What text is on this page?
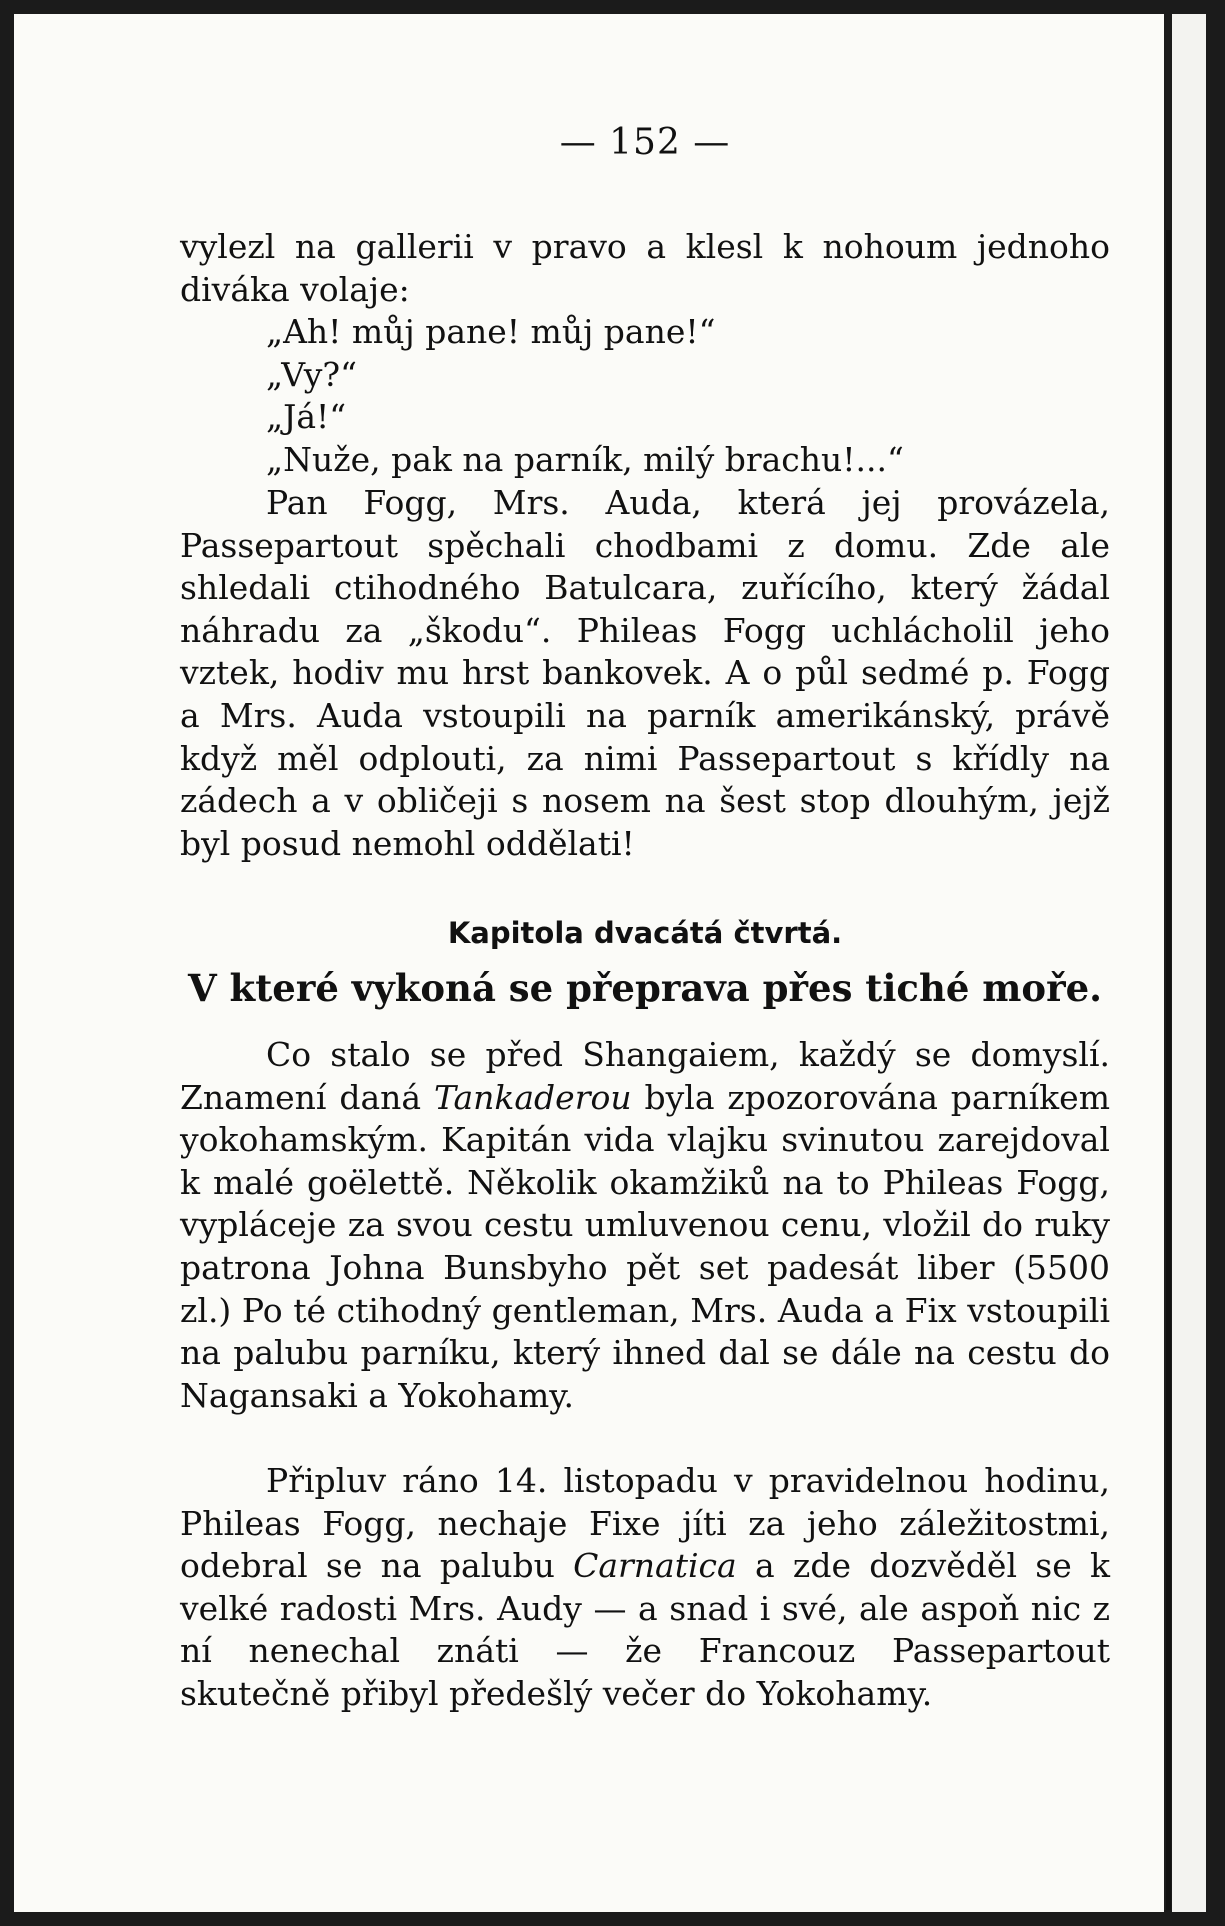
— 152 —

vylezl na gallerii v pravo a klesl k nohoum jednoho diváka volaje:
„Ah! můj pane! můj pane!“
„Vy?“
„Já!“
„Nuže, pak na parník, milý brachu!...“

Pan Fogg, Mrs. Auda, která jej provázela, Passepartout spěchali chodbami z domu. Zde ale shledali ctihodného Batulcara, zuřícího, který žádal náhradu za „škodu“. Phileas Fogg uchlácholil jeho vztek, hodiv mu hrst bankovek. A o půl sedmé p. Fogg a Mrs. Auda vstoupili na parník amerikánský, právě když měl odplouti, za nimi Passepartout s křídly na zádech a v obličeji s nosem na šest stop dlouhým, jejž byl posud nemohl oddělati!

Kapitola dvacátá čtvrtá.
V které vykoná se přeprava přes tiché moře.

Co stalo se před Shangaiem, každý se domyslí. Znamení daná Tankaderou byla zpozorována parníkem yokohamským. Kapitán vida vlajku svinutou zarejdoval k malé goëlettě. Několik okamžiků na to Phileas Fogg, vypláceje za svou cestu umluvenou cenu, vložil do ruky patrona Johna Bunsbyho pět set padesát liber (5500 zl.) Po té ctihodný gentleman, Mrs. Auda a Fix vstoupili na palubu parníku, který ihned dal se dále na cestu do Nagansaki a Yokohamy.

Připluv ráno 14. listopadu v pravidelnou hodinu, Phileas Fogg, nechaje Fixe jíti za jeho záležitostmi, odebral se na palubu Carnatica a zde dozvěděl se k velké radosti Mrs. Audy — a snad i své, ale aspoň nic z ní nenechal znáti — že Francouz Passepartout skutečně přibyl předešlý večer do Yokohamy.
